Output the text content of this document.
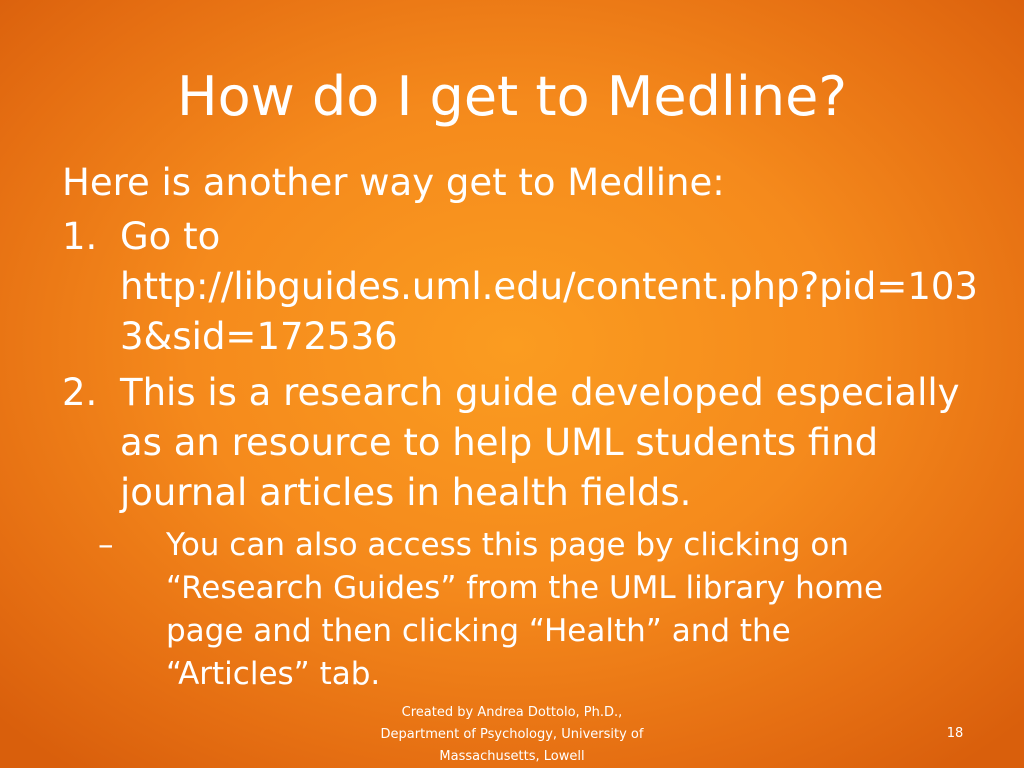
How do I get to Medline?

Here is another way get to Medline:

1. Go to
http://libguides.uml.edu/content.php?pid=1033&sid=172536
2. This is a research guide developed especially as an resource to help UML students find journal articles in health fields.
–	You can also access this page by clicking on “Research Guides” from the UML library home page and then clicking “Health” and the “Articles” tab.
Created by Andrea Dottolo, Ph.D.,
Department of Psychology, University of
Massachusetts, Lowell
18
